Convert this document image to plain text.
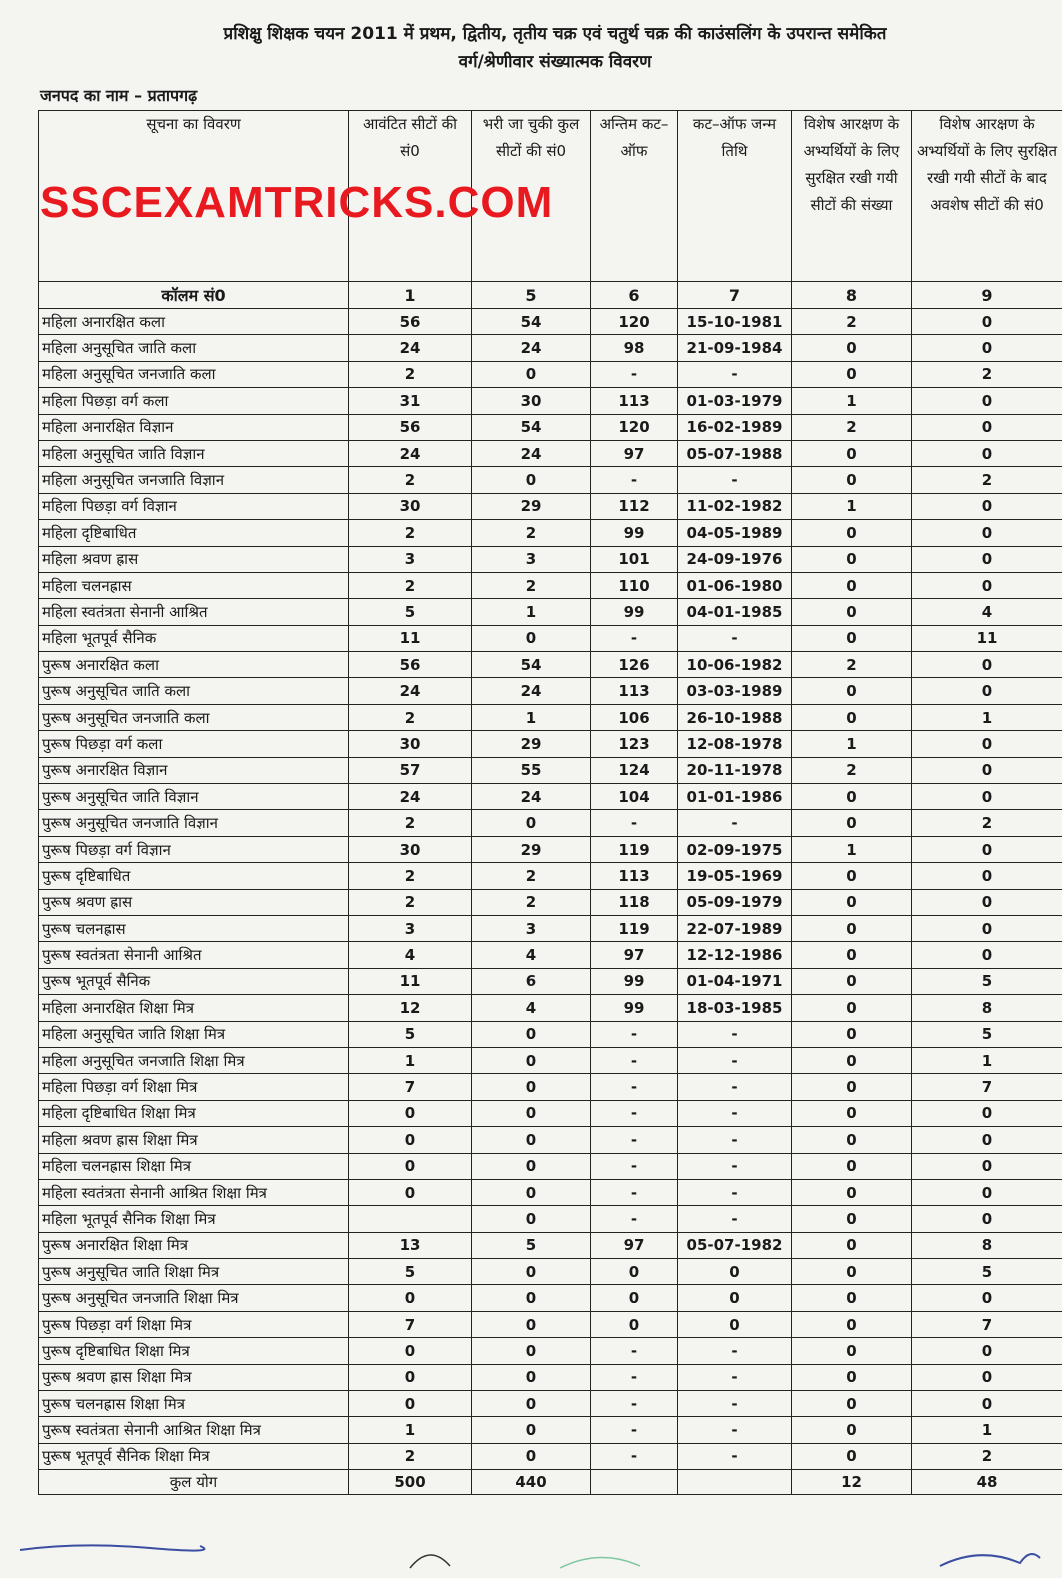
प्रशिक्षु शिक्षक चयन 2011 में प्रथम, द्वितीय, तृतीय चक्र एवं चतुर्थ चक्र की काउंसलिंग के उपरान्त समेकित
वर्ग/श्रेणीवार संख्यात्मक विवरण
जनपद का नाम – प्रतापगढ़
SSCEXAMTRICKS.COM
सूचना का विवरण	आवंटित सीटों की सं0	भरी जा चुकी कुल सीटों की सं0	अन्तिम कट–ऑफ	कट–ऑफ जन्म तिथि	विशेष आरक्षण के अभ्यर्थियों के लिए सुरक्षित रखी गयी सीटों की संख्या	विशेष आरक्षण के अभ्यर्थियों के लिए सुरक्षित रखी गयी सीटों के बाद अवशेष सीटों की सं0
कॉलम सं0	1	5	6	7	8	9
महिला अनारक्षित कला	56	54	120	15-10-1981	2	0
महिला अनुसूचित जाति कला	24	24	98	21-09-1984	0	0
महिला अनुसूचित जनजाति कला	2	0	-	-	0	2
महिला पिछड़ा वर्ग कला	31	30	113	01-03-1979	1	0
महिला अनारक्षित विज्ञान	56	54	120	16-02-1989	2	0
महिला अनुसूचित जाति विज्ञान	24	24	97	05-07-1988	0	0
महिला अनुसूचित जनजाति विज्ञान	2	0	-	-	0	2
महिला पिछड़ा वर्ग विज्ञान	30	29	112	11-02-1982	1	0
महिला दृष्टिबाधित	2	2	99	04-05-1989	0	0
महिला श्रवण ह्रास	3	3	101	24-09-1976	0	0
महिला चलनह्रास	2	2	110	01-06-1980	0	0
महिला स्वतंत्रता सेनानी आश्रित	5	1	99	04-01-1985	0	4
महिला भूतपूर्व सैनिक	11	0	-	-	0	11
पुरूष अनारक्षित कला	56	54	126	10-06-1982	2	0
पुरूष अनुसूचित जाति कला	24	24	113	03-03-1989	0	0
पुरूष अनुसूचित जनजाति कला	2	1	106	26-10-1988	0	1
पुरूष पिछड़ा वर्ग कला	30	29	123	12-08-1978	1	0
पुरूष अनारक्षित विज्ञान	57	55	124	20-11-1978	2	0
पुरूष अनुसूचित जाति विज्ञान	24	24	104	01-01-1986	0	0
पुरूष अनुसूचित जनजाति विज्ञान	2	0	-	-	0	2
पुरूष पिछड़ा वर्ग विज्ञान	30	29	119	02-09-1975	1	0
पुरूष दृष्टिबाधित	2	2	113	19-05-1969	0	0
पुरूष श्रवण ह्रास	2	2	118	05-09-1979	0	0
पुरूष चलनह्रास	3	3	119	22-07-1989	0	0
पुरूष स्वतंत्रता सेनानी आश्रित	4	4	97	12-12-1986	0	0
पुरूष भूतपूर्व सैनिक	11	6	99	01-04-1971	0	5
महिला अनारक्षित शिक्षा मित्र	12	4	99	18-03-1985	0	8
महिला अनुसूचित जाति शिक्षा मित्र	5	0	-	-	0	5
महिला अनुसूचित जनजाति शिक्षा मित्र	1	0	-	-	0	1
महिला पिछड़ा वर्ग शिक्षा मित्र	7	0	-	-	0	7
महिला दृष्टिबाधित शिक्षा मित्र	0	0	-	-	0	0
महिला श्रवण ह्रास शिक्षा मित्र	0	0	-	-	0	0
महिला चलनह्रास शिक्षा मित्र	0	0	-	-	0	0
महिला स्वतंत्रता सेनानी आश्रित शिक्षा मित्र	0	0	-	-	0	0
महिला भूतपूर्व सैनिक शिक्षा मित्र		0	-	-	0	0
पुरूष अनारक्षित शिक्षा मित्र	13	5	97	05-07-1982	0	8
पुरूष अनुसूचित जाति शिक्षा मित्र	5	0	0	0	0	5
पुरूष अनुसूचित जनजाति शिक्षा मित्र	0	0	0	0	0	0
पुरूष पिछड़ा वर्ग शिक्षा मित्र	7	0	0	0	0	7
पुरूष दृष्टिबाधित शिक्षा मित्र	0	0	-	-	0	0
पुरूष श्रवण ह्रास शिक्षा मित्र	0	0	-	-	0	0
पुरूष चलनह्रास शिक्षा मित्र	0	0	-	-	0	0
पुरूष स्वतंत्रता सेनानी आश्रित शिक्षा मित्र	1	0	-	-	0	1
पुरूष भूतपूर्व सैनिक शिक्षा मित्र	2	0	-	-	0	2
कुल योग	500	440			12	48
